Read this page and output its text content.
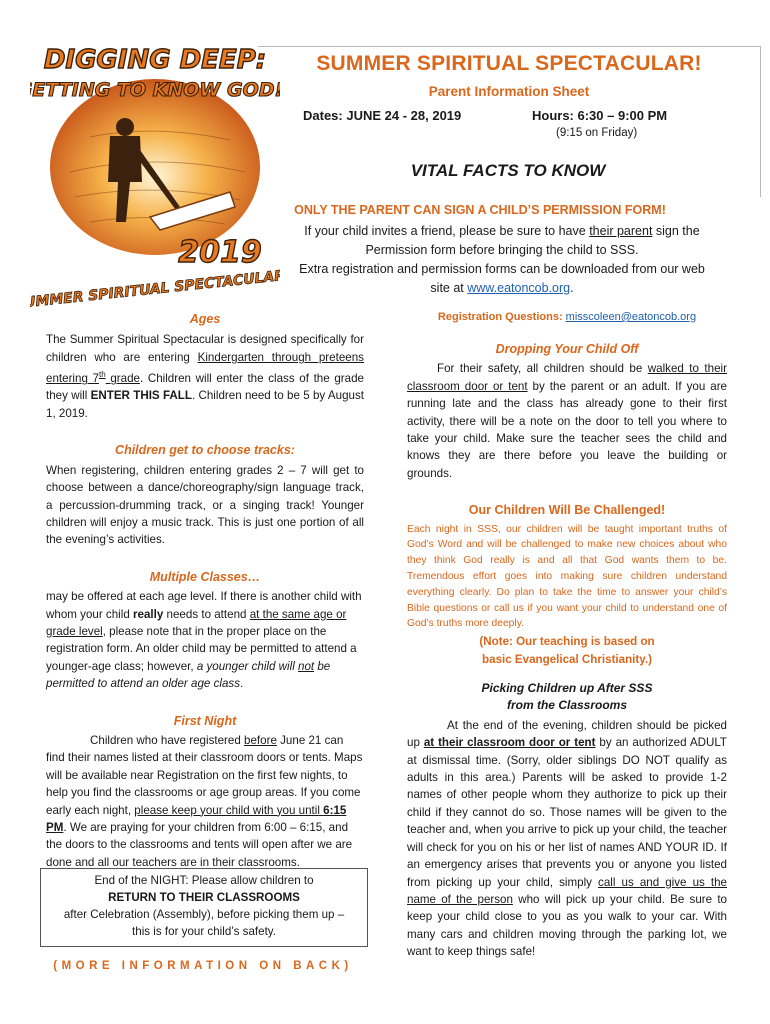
DIGGING DEEP:
GETTING TO KNOW GOD!
2019
SUMMER SPIRITUAL SPECTACULAR
SUMMER SPIRITUAL SPECTACULAR!
Parent Information Sheet
Dates: JUNE 24 - 28, 2019	Hours: 6:30 – 9:00 PM
(9:15 on Friday)
VITAL FACTS TO KNOW
ONLY THE PARENT CAN SIGN A CHILD’S PERMISSION FORM!
If your child invites a friend, please be sure to have their parent sign the
Permission form before bringing the child to SSS.
Extra registration and permission forms can be downloaded from our web
site at www.eatoncob.org.
Registration Questions: misscoleen@eatoncob.org
Ages
The Summer Spiritual Spectacular is designed specifically for children who are entering Kindergarten through preteens entering 7th grade. Children will enter the class of the grade they will ENTER THIS FALL. Children need to be 5 by August 1, 2019.
Children get to choose tracks:
When registering, children entering grades 2 – 7 will get to choose between a dance/choreography/sign language track, a percussion-drumming track, or a singing track! Younger children will enjoy a music track. This is just one portion of all the evening’s activities.
Multiple Classes…
may be offered at each age level. If there is another child with whom your child really needs to attend at the same age or grade level, please note that in the proper place on the registration form. An older child may be permitted to attend a younger-age class; however, a younger child will not be permitted to attend an older age class.
First Night
Children who have registered before June 21 can find their names listed at their classroom doors or tents. Maps will be available near Registration on the first few nights, to help you find the classrooms or age group areas. If you come early each night, please keep your child with you until 6:15 PM. We are praying for your children from 6:00 – 6:15, and the doors to the classrooms and tents will open after we are done and all our teachers are in their classrooms.
End of the NIGHT: Please allow children to
RETURN TO THEIR CLASSROOMS
after Celebration (Assembly), before picking them up –
this is for your child’s safety.
(MORE INFORMATION ON BACK)
Dropping Your Child Off
For their safety, all children should be walked to their classroom door or tent by the parent or an adult. If you are running late and the class has already gone to their first activity, there will be a note on the door to tell you where to take your child. Make sure the teacher sees the child and knows they are there before you leave the building or grounds.
Our Children Will Be Challenged!
Each night in SSS, our children will be taught important truths of God’s Word and will be challenged to make new choices about who they think God really is and all that God wants them to be. Tremendous effort goes into making sure children understand everything clearly. Do plan to take the time to answer your child’s Bible questions or call us if you want your child to understand one of God’s truths more deeply.
(Note: Our teaching is based on
basic Evangelical Christianity.)
Picking Children up After SSS
from the Classrooms
At the end of the evening, children should be picked up at their classroom door or tent by an authorized ADULT at dismissal time. (Sorry, older siblings DO NOT qualify as adults in this area.) Parents will be asked to provide 1-2 names of other people whom they authorize to pick up their child if they cannot do so. Those names will be given to the teacher and, when you arrive to pick up your child, the teacher will check for you on his or her list of names AND YOUR ID. If an emergency arises that prevents you or anyone you listed from picking up your child, simply call us and give us the name of the person who will pick up your child. Be sure to keep your child close to you as you walk to your car. With many cars and children moving through the parking lot, we want to keep things safe!
